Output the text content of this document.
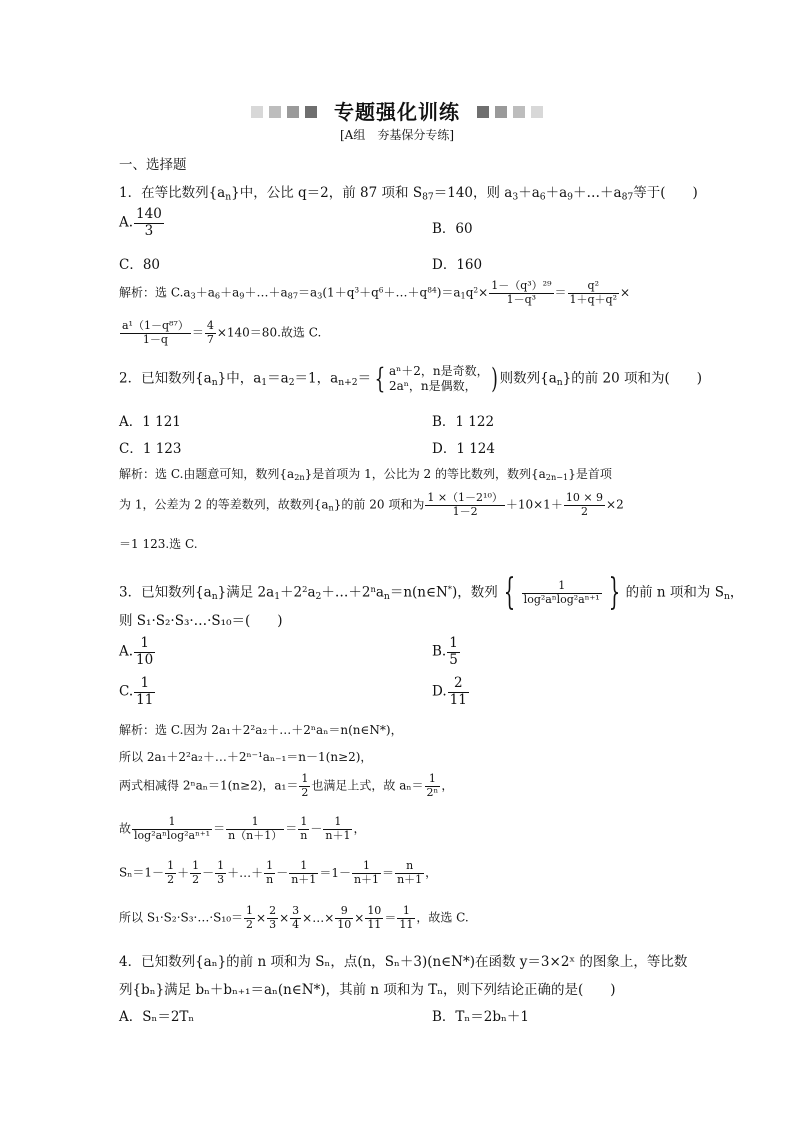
专题强化训练
[A组　夯基保分专练]
一、选择题
1．在等比数列$\{a_n\}$中，公比 q＝2，前 87 项和 $S_{87}=140$，则 $a_3+a_6+a_9+\dots+a_{87}$等于(　　)
A. $\frac{140}{3}$	B．60
C．80	D．160
解析：选 $C.a_3+a_6+a_9+\dots+a_{87}=a_3(1+q^3+q^6+\dots+q^{84})=a_1q^2\times \frac{\text{1－（q³）²⁹}}{\text{1－q³}} = \frac{\text{q²}}{\text{1＋q＋q²}}$ ×
$\frac{\text{a¹（1－q⁸⁷）}}{1-q} = \frac{4}{7} \times 140=80$.故选 C.
2．已知数列$\{a_n\}$中，$a_1=a_2=1$，$a_{n+2}=$ { aⁿ＋2，n是奇数，
2aⁿ，n是偶数， ) 则数列$\{a_n\}$的前 20 项和为(　　)
A．1 121	B．1 122
C．1 123	D．1 124
解析：选 C.由题意可知，数列$\{a_{2n}\}$是首项为 1，公比为 2 的等比数列，数列$\{a_{2n-1}\}$是首项
为 1，公差为 2 的等差数列，故数列$\{a_n\}$的前 20 项和为 $\frac{\text{1 ×（1－2¹⁰）}}{1-2} +10\times 1+ \frac{10 \times 9}{2} \times 2$
＝1 123.选 C.
3．已知数列$\{a_n\}$满足 $2a_1+2^2a_2+\dots+2^na_n=n(n\in N^*)$，数列 { $\frac{1}{\text{log²aⁿlog²aⁿ⁺¹}}$ } 的前 n 项和为 $S_n$，
则 S₁·S₂·S₃·…·S₁₀＝(　　)
A. $\frac{1}{10}$	B. $\frac{1}{5}$
C. $\frac{1}{11}$	D. $\frac{2}{11}$
解析：选 C.因为 2a₁＋2²a₂＋…＋2ⁿaₙ＝n(n∈N*)，
所以 2a₁＋2²a₂＋…＋2ⁿ⁻¹aₙ₋₁＝n－1(n≥2)，
两式相减得 2ⁿaₙ＝1(n≥2)，$a_1= \frac{1}{2}$ 也满足上式，故 $a_n= \frac{1}{\text{2ⁿ}}$ ，
故 $\frac{1}{\text{log²aⁿlog²aⁿ⁺¹}} = \frac{1}{n(n+1)} = \frac{1}{n} - \frac{1}{n+1}$ ，
$S_n=1- \frac{1}{2} + \frac{1}{2} - \frac{1}{3}$ ＋…＋ $\frac{1}{n} - \frac{1}{n+1} =1- \frac{1}{n+1} = \frac{n}{n+1}$ ，
所以 S₁·S₂·S₃·…·S₁₀＝ $\frac{1}{2} \times \frac{2}{3} \times \frac{3}{4}$ ×…× $\frac{9}{10} \times \frac{10}{11} = \frac{1}{11}$ ，故选 C.
4．已知数列{aₙ}的前 n 项和为 Sₙ，点(n，Sₙ＋3)(n∈N*)在函数 y＝3×2ˣ 的图象上，等比数
列{bₙ}满足 bₙ＋bₙ₊₁＝aₙ(n∈N*)，其前 n 项和为 Tₙ，则下列结论正确的是(　　)
A．Sₙ＝2Tₙ	B．Tₙ＝2bₙ＋1
